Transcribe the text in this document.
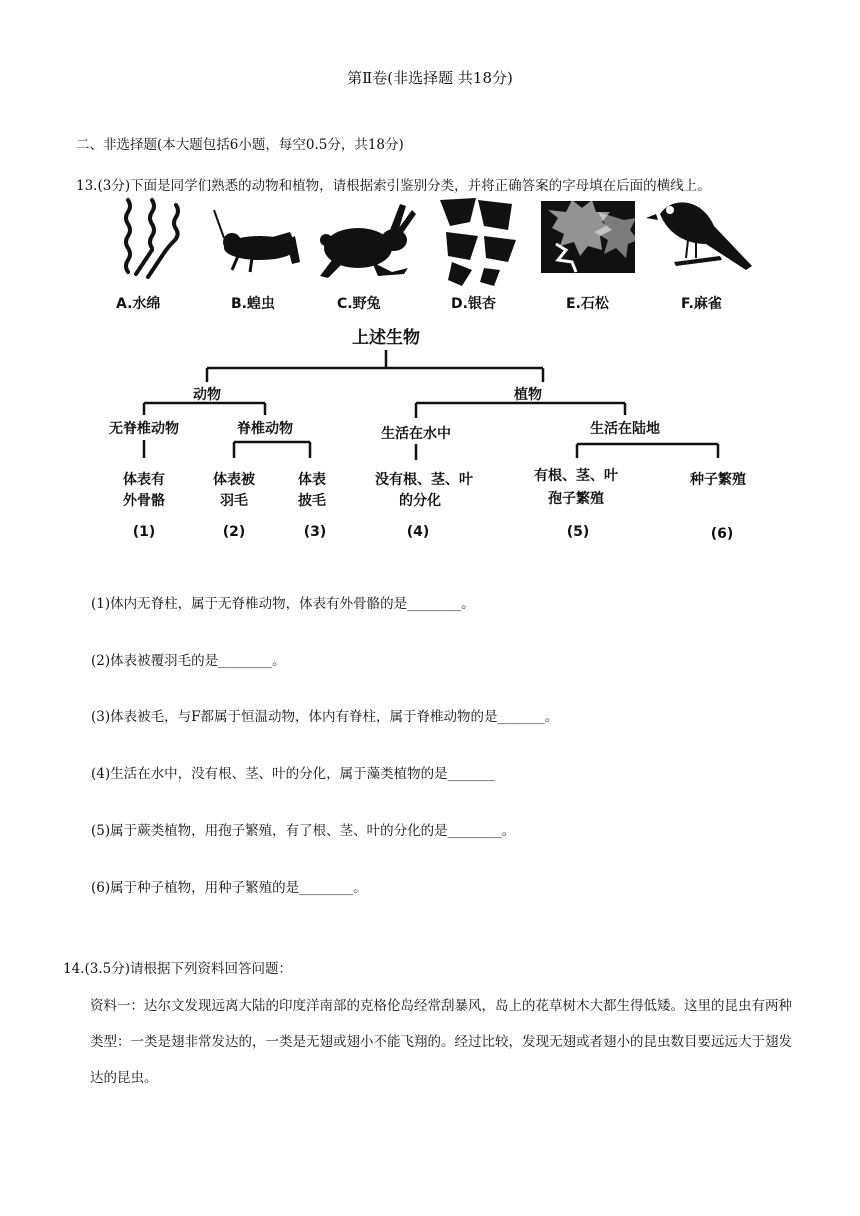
第Ⅱ卷(非选择题 共18分)
二、非选择题(本大题包括6小题，每空0.5分，共18分)
13.(3分)下面是同学们熟悉的动物和植物，请根据索引鉴别分类，并将正确答案的字母填在后面的横线上。
A.水绵	B.蝗虫	C.野兔	D.银杏	E.石松	F.麻雀
上述生物
动物	植物
无脊椎动物	脊椎动物	生活在水中	生活在陆地
体表有
外骨骼
体表被
羽毛
体表
披毛
没有根、茎、叶
的分化
有根、茎、叶
孢子繁殖
种子繁殖
(1)	(2)	(3)	(4)	(5)	(6)
(1)体内无脊柱，属于无脊椎动物，体表有外骨骼的是________。
(2)体表被覆羽毛的是________。
(3)体表被毛，与F都属于恒温动物，体内有脊柱，属于脊椎动物的是_______。
(4)生活在水中，没有根、茎、叶的分化，属于藻类植物的是_______
(5)属于蕨类植物，用孢子繁殖，有了根、茎、叶的分化的是________。
(6)属于种子植物，用种子繁殖的是________。
14.(3.5分)请根据下列资料回答问题：
资料一：达尔文发现远离大陆的印度洋南部的克格伦岛经常刮暴风，岛上的花草树木大都生得低矮。这里的昆虫有两种类型：一类是翅非常发达的，一类是无翅或翅小不能飞翔的。经过比较，发现无翅或者翅小的昆虫数目要远远大于翅发达的昆虫。
